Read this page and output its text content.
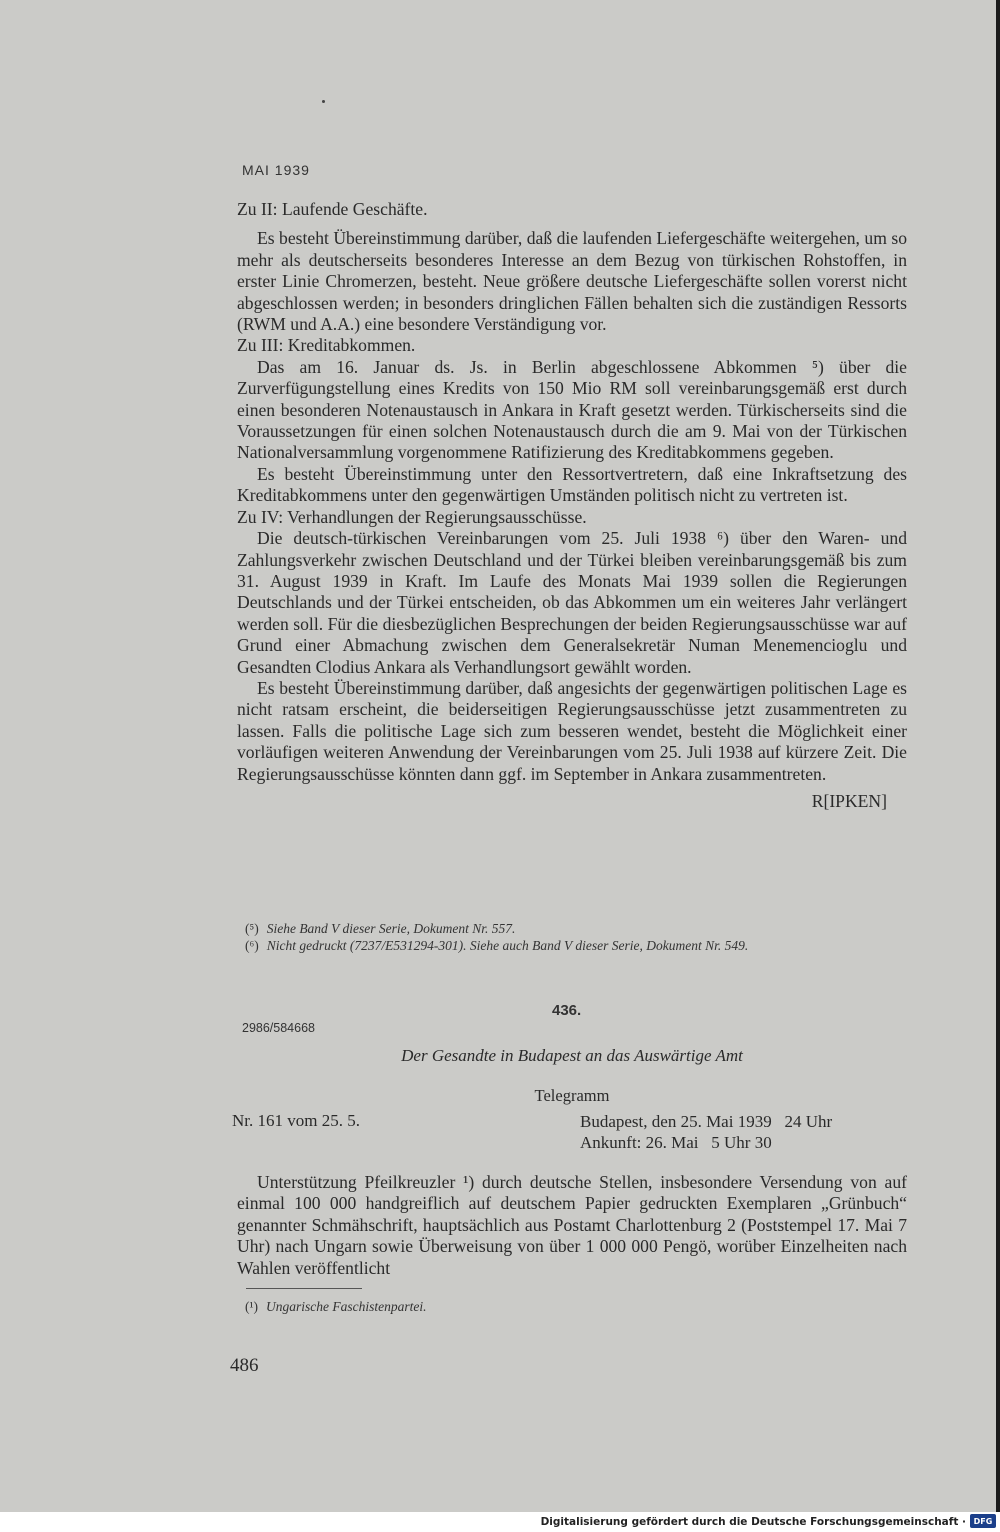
MAI 1939

Zu II: Laufende Geschäfte.

Es besteht Übereinstimmung darüber, daß die laufenden Liefergeschäfte weitergehen, um so mehr als deutscherseits besonderes Interesse an dem Bezug von türkischen Rohstoffen, in erster Linie Chromerzen, besteht. Neue größere deutsche Liefergeschäfte sollen vorerst nicht abgeschlossen werden; in besonders dringlichen Fällen behalten sich die zuständigen Ressorts (RWM und A.A.) eine besondere Verständigung vor.

Zu III: Kreditabkommen.

Das am 16. Januar ds. Js. in Berlin abgeschlossene Abkommen ⁵) über die Zurverfügungstellung eines Kredits von 150 Mio RM soll vereinbarungsgemäß erst durch einen besonderen Notenaustausch in Ankara in Kraft gesetzt werden. Türkischerseits sind die Voraussetzungen für einen solchen Notenaustausch durch die am 9. Mai von der Türkischen Nationalversammlung vorgenommene Ratifizierung des Kreditabkommens gegeben.

Es besteht Übereinstimmung unter den Ressortvertretern, daß eine Inkraftsetzung des Kreditabkommens unter den gegenwärtigen Umständen politisch nicht zu vertreten ist.

Zu IV: Verhandlungen der Regierungsausschüsse.

Die deutsch-türkischen Vereinbarungen vom 25. Juli 1938 ⁶) über den Waren- und Zahlungsverkehr zwischen Deutschland und der Türkei bleiben vereinbarungsgemäß bis zum 31. August 1939 in Kraft. Im Laufe des Monats Mai 1939 sollen die Regierungen Deutschlands und der Türkei entscheiden, ob das Abkommen um ein weiteres Jahr verlängert werden soll. Für die diesbezüglichen Besprechungen der beiden Regierungsausschüsse war auf Grund einer Abmachung zwischen dem Generalsekretär Numan Menemencioglu und Gesandten Clodius Ankara als Verhandlungsort gewählt worden.

Es besteht Übereinstimmung darüber, daß angesichts der gegenwärtigen politischen Lage es nicht ratsam erscheint, die beiderseitigen Regierungsausschüsse jetzt zusammentreten zu lassen. Falls die politische Lage sich zum besseren wendet, besteht die Möglichkeit einer vorläufigen weiteren Anwendung der Vereinbarungen vom 25. Juli 1938 auf kürzere Zeit. Die Regierungsausschüsse könnten dann ggf. im September in Ankara zusammentreten.

R[IPKEN]
(⁵) Siehe Band V dieser Serie, Dokument Nr. 557.
(⁶) Nicht gedruckt (7237/E531294-301). Siehe auch Band V dieser Serie, Dokument Nr. 549.
436.
2986/584668
Der Gesandte in Budapest an das Auswärtige Amt
Telegramm
Nr. 161 vom 25. 5.	Budapest, den 25. Mai 1939   24 Uhr
Ankunft: 26. Mai   5 Uhr 30

Unterstützung Pfeilkreuzler ¹) durch deutsche Stellen, insbesondere Versendung von auf einmal 100 000 handgreiflich auf deutschem Papier gedruckten Exemplaren „Grünbuch“ genannter Schmähschrift, hauptsächlich aus Postamt Charlottenburg 2 (Poststempel 17. Mai 7 Uhr) nach Ungarn sowie Überweisung von über 1 000 000 Pengö, worüber Einzelheiten nach Wahlen veröffentlicht

(¹) Ungarische Faschistenpartei.
486
Digitalisierung gefördert durch die Deutsche Forschungsgemeinschaft · DFG
